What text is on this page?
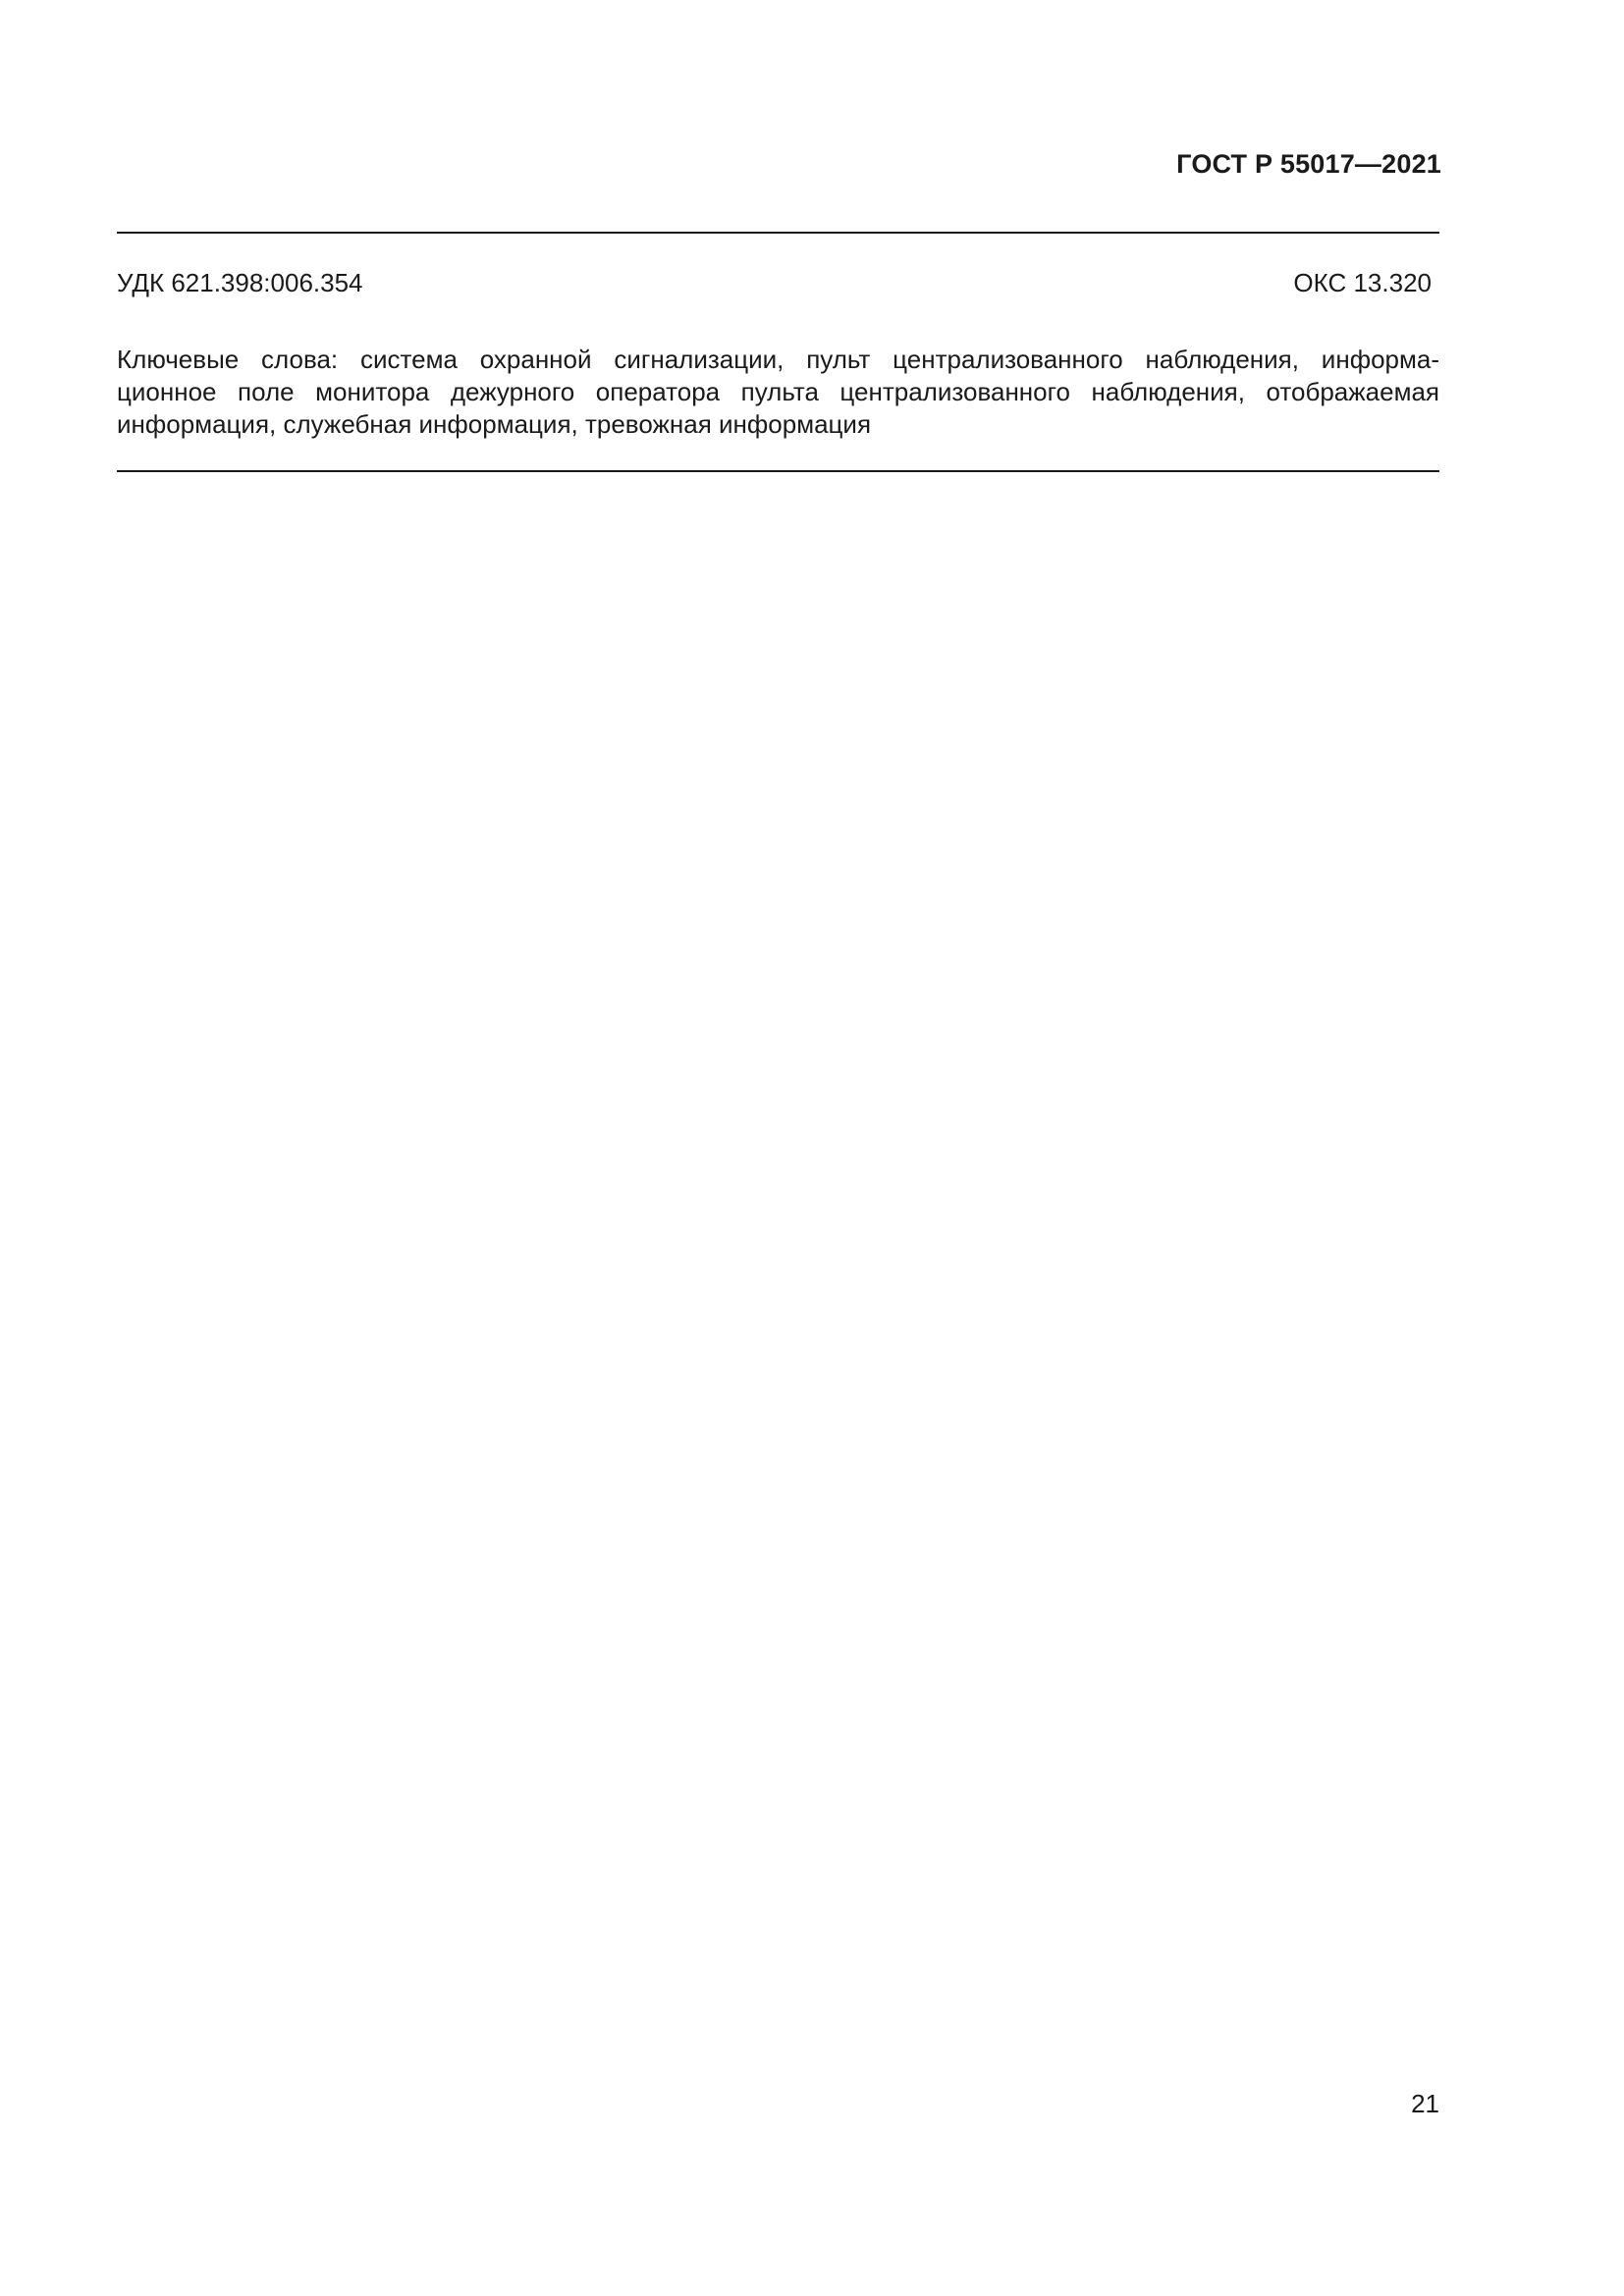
ГОСТ Р 55017—2021
УДК 621.398:006.354	ОКС 13.320
Ключевые слова: система охранной сигнализации, пульт централизованного наблюдения, информа-
ционное поле монитора дежурного оператора пульта централизованного наблюдения, отображаемая
информация, служебная информация, тревожная информация
21
